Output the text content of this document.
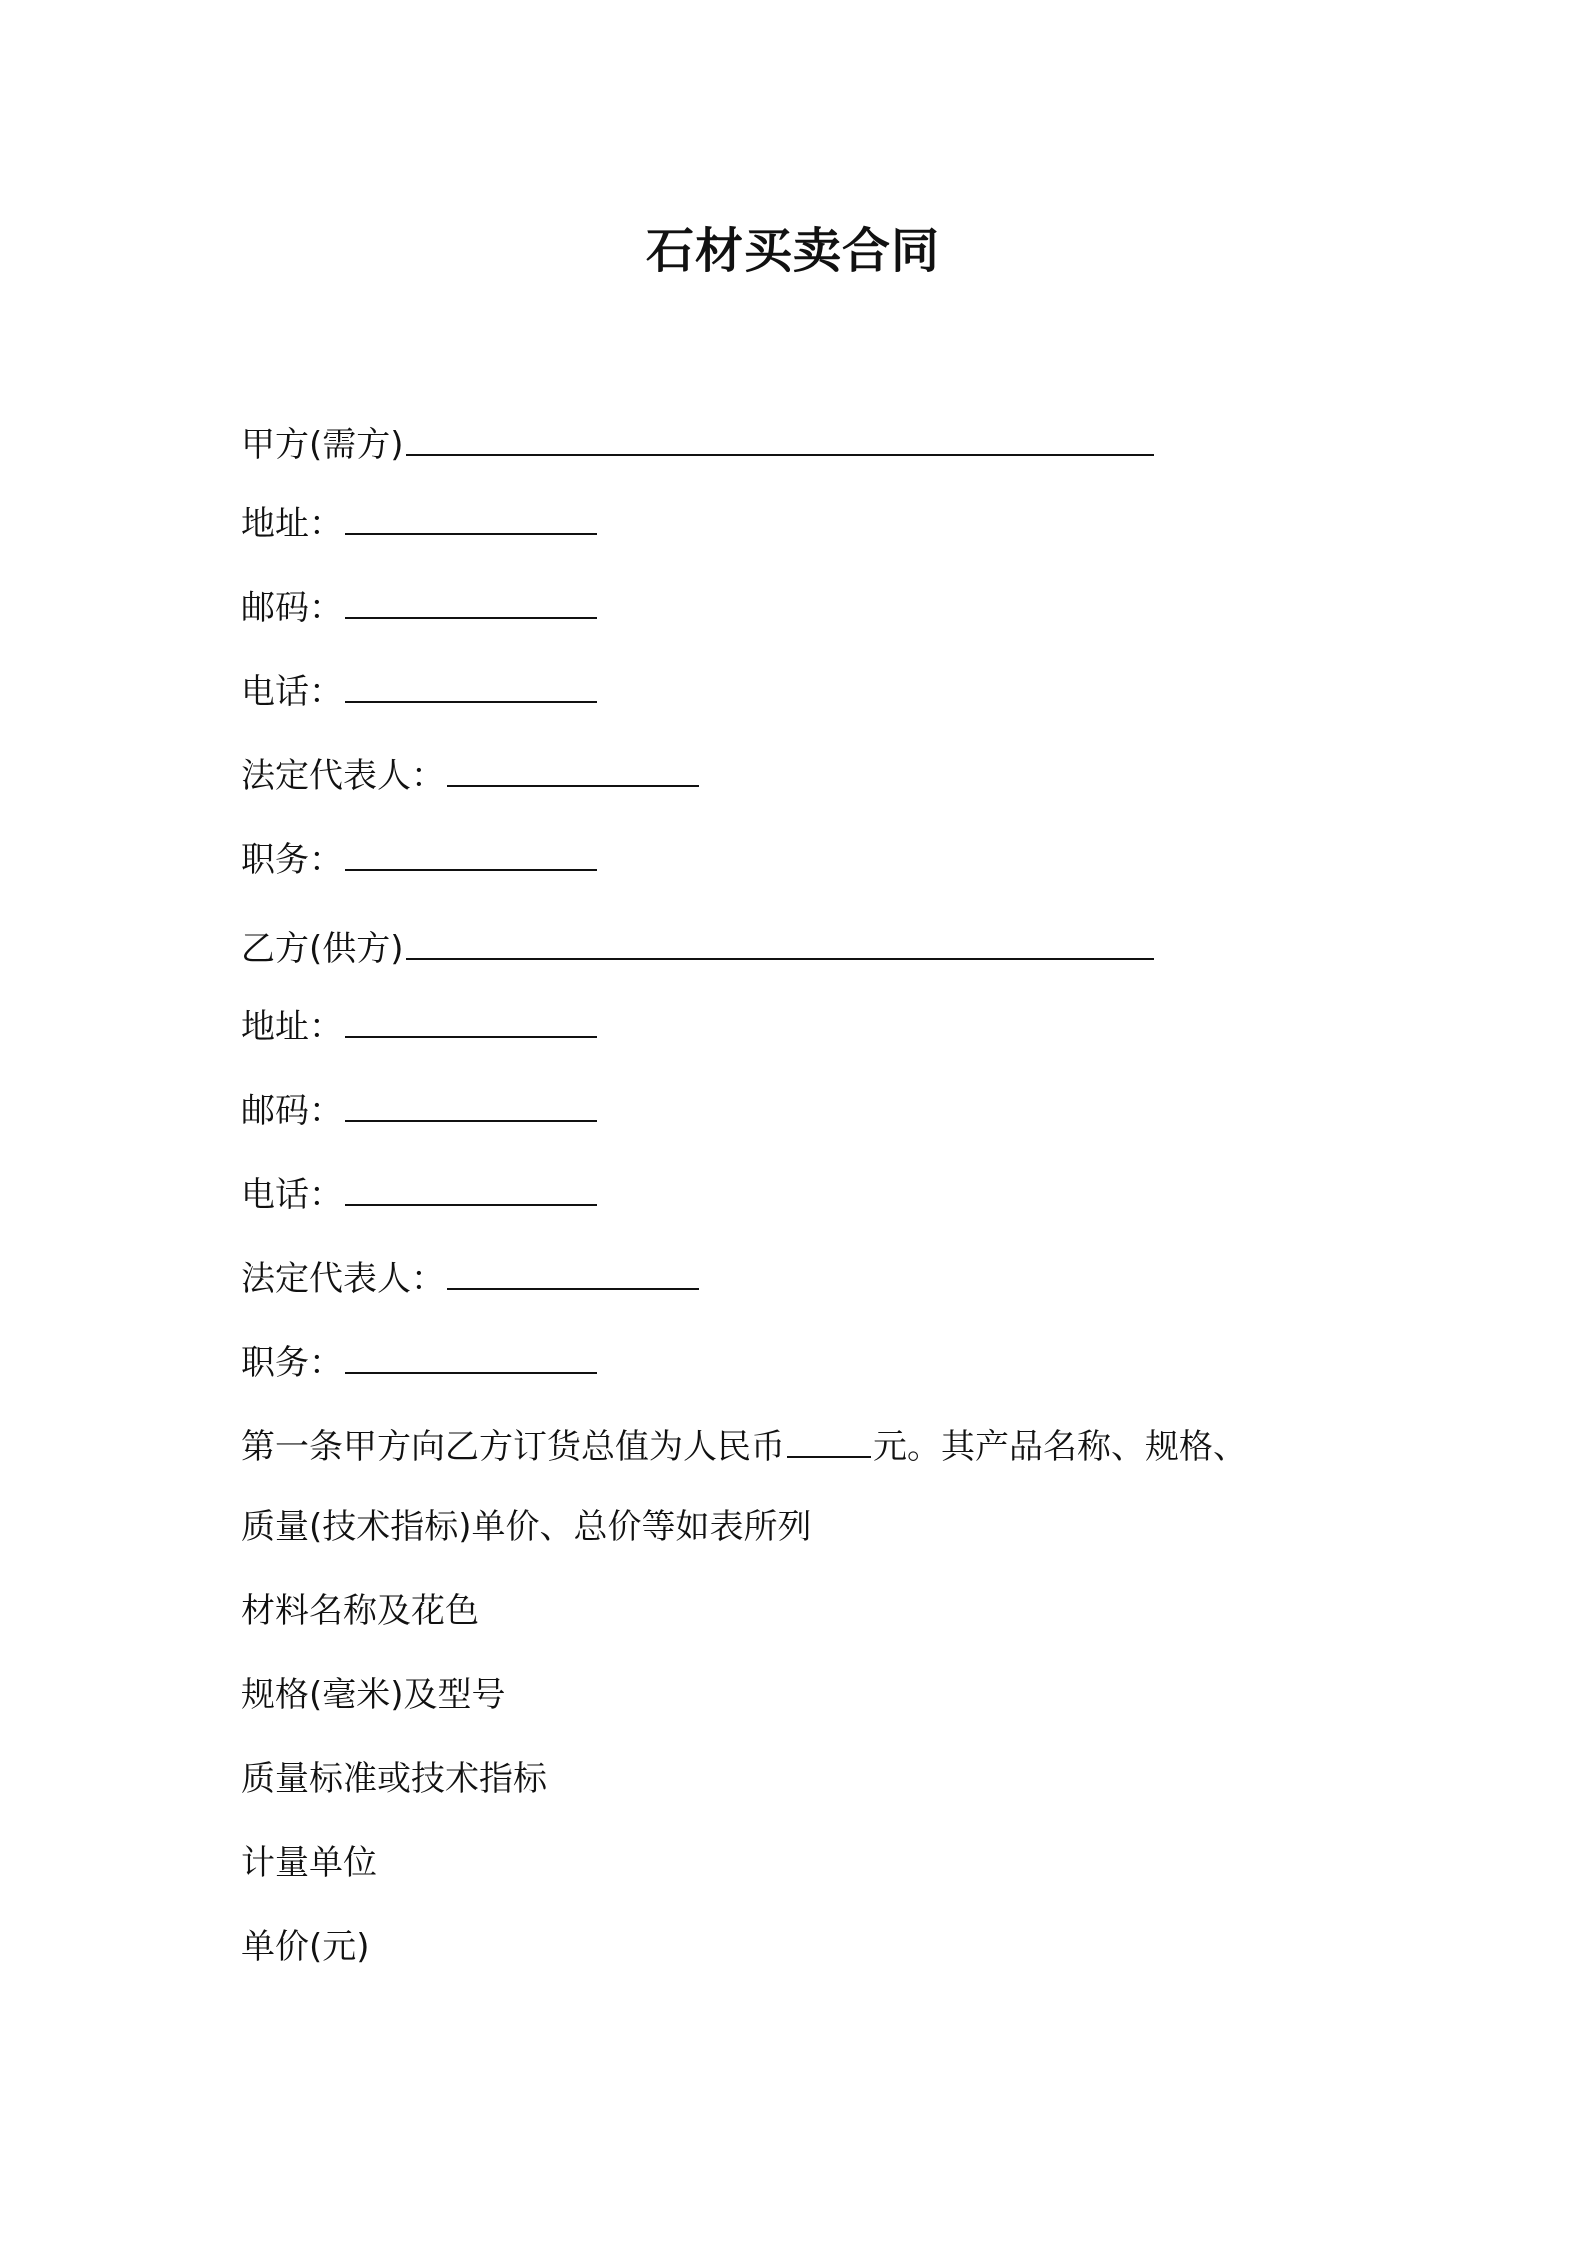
石材买卖合同
甲方(需方)
地址：
邮码：
电话：
法定代表人：
职务：
乙方(供方)
地址：
邮码：
电话：
法定代表人：
职务：
第一条甲方向乙方订货总值为人民币	元。其产品名称、规格、
质量(技术指标)单价、总价等如表所列
材料名称及花色
规格(毫米)及型号
质量标准或技术指标
计量单位
单价(元)
